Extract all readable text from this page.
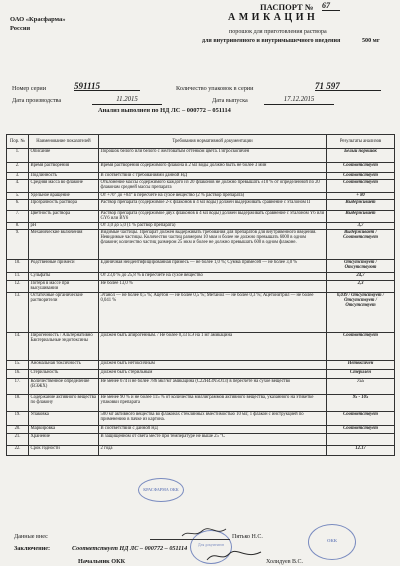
ОАО «Красфарма»
Россия
ПАСПОРТ № 67
А М И К А Ц И Н
порошок для приготовления раствора
для внутривенного и внутримышечного введения	500 мг
Номер серии	591115	Количество упаковок в серии	71 597
Дата производства	11.2015	Дата выпуска	17.12.2015
Анализ выполнен по НД ЛС – 000772 – 051114
Пор. №	Наименование показателей	Требования нормативной документации	Результаты анализов
1.	Описание	Порошок белого или белого с желтоватым оттенком цвета. Гигроскопичен	Белый порошок
2.	Время растворения	Время растворения содержимого флакона в 2 мл воды должно быть не более 3 мин	Соответствует
3.	Подлинность	В соответствии с требованиями данной НД	Соответствует
4.	Средняя масса во флаконе	Отклонение массы содержимого каждого из 20 флаконов не должно превышать ±10 % от определенной по 20 флаконам средней массы препарата	Соответствует
5.	Удельное вращение	От +76° до +84° в пересчете на сухое вещество (2 % раствор препарата)	+ 80
6.	Прозрачность раствора	Раствор препарата (содержимое 2-х флаконов в 4 мл воды) должен выдерживать сравнение с эталоном II	Выдерживает
7.	Цветность раствора	Раствор препарата (содержимое двух флаконов в 4 мл воды) должен выдерживать сравнение с эталоном Y6 или GY6 или BY6	Выдерживает
8.	pH	От 3,0 до 5,0 (1 % раствор препарата)	3,7
9.	Механические включения	Видимые частицы. Препарат должен выдерживать требования для препаратов для внутривенного введения. Невидимые частицы. Количество частиц размером 10 мкм и более не должно превышать 6000 в одном флаконе; количество частиц размером 25 мкм и более не должно превышать 600 в одном флаконе.	Выдерживает / Соответствует
10.	Родственные примеси	Единичная неидентифицированная примесь — не более 1,0 %; Сумма примесей — не более 3,0 %	Отсутствует / Отсутствуют
11.	Сульфаты	От 23,0 % до 25,8 % в пересчете на сухое вещество	24,7
12.	Потеря в массе при высушивании	Не более 13,0 %	2,3
13.	Остаточные органические растворители	Этанол — не более 0,5 %; Ацетон — не более 0,5 %; Метанол — не более 0,3 %; Ацетонитрил — не более 0,041 %	0,039 / Отсутствует / Отсутствует / Отсутствует
14.	Пирогенность / Альтернативно Бактериальные эндотоксины	Должен быть апирогенным. / Не более 0,33 ЕЭ на 1 мг амикацина	Соответствует
15.	Аномальная токсичность	Должен быть нетоксичным	Нетоксичен
16.	Стерильность	Должен быть стерильным	Стерилен
17.	Количественное определение (ВЭЖХ)	Не менее 674 и не более 786 мкг/мг амикацина (C22H43N5O13) в пересчете на сухое вещество	755
18.	Содержание активного вещества по флакону	Не менее 90 % и не более 115 % от количества миллиграммов активного вещества, указанного на этикетке упаковки препарата	95 - 105
19.	Упаковка	500 мг активного вещества во флаконах стеклянных вместимостью 10 мл; 1 флакон с инструкцией по применению в пачке из картона.	Соответствует
20.	Маркировка	В соответствии с данной НД	Соответствует
21.	Хранение	В защищенном от света месте при температуре не выше 25 °С	
22.	Срок годности	2 года	12.17
КРАСФАРМА ОКК
ОКК
Для документов
Данные внес	Пятько Н.С.
Заключение:	Соответствует НД ЛС – 000772 – 051114
Начальник ОКК	Холидуев В.С.
